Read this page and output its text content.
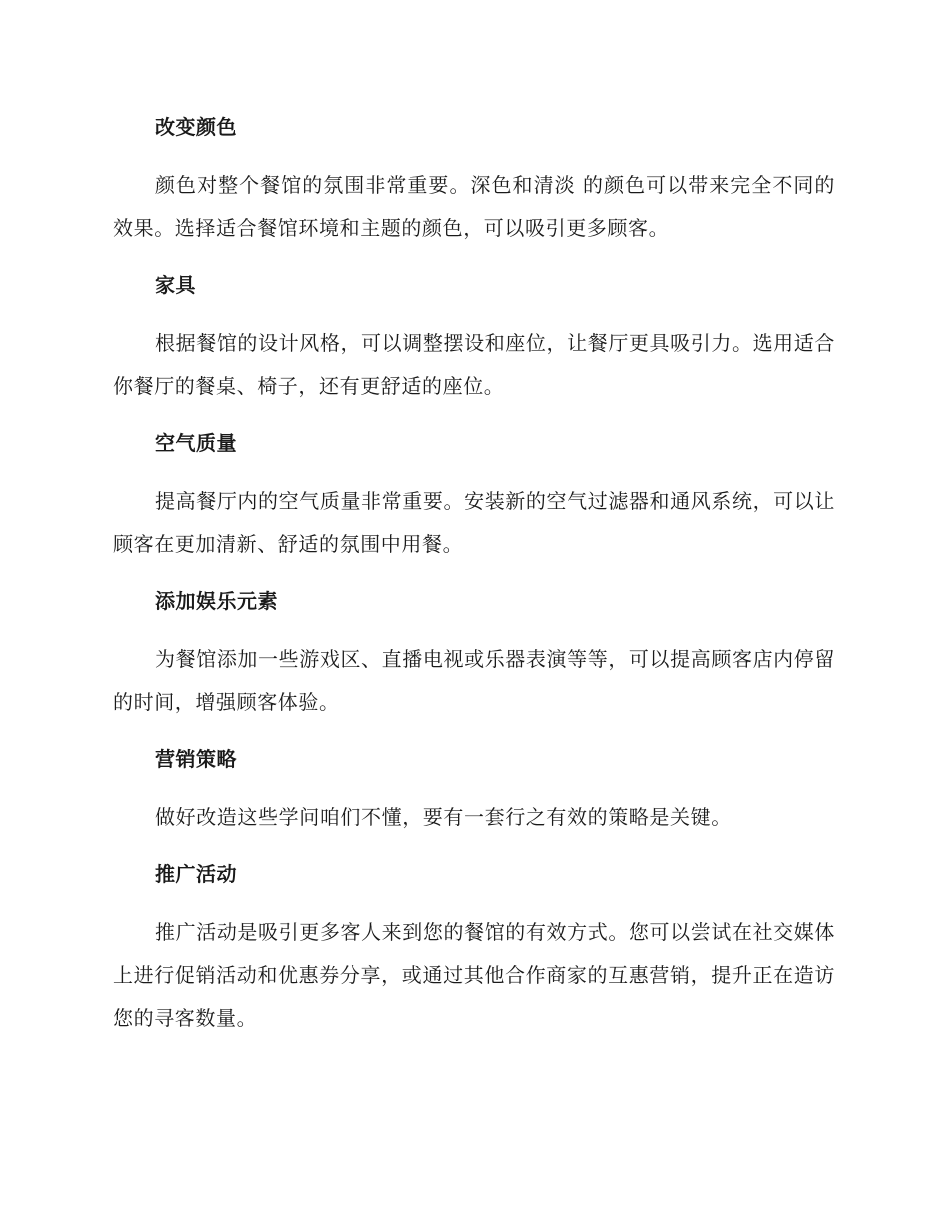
改变颜色

颜色对整个餐馆的氛围非常重要。深色和清淡 的颜色可以带来完全不同的效果。选择适合餐馆环境和主题的颜色，可以吸引更多顾客。

家具

根据餐馆的设计风格，可以调整摆设和座位，让餐厅更具吸引力。选用适合你餐厅的餐桌、椅子，还有更舒适的座位。

空气质量

提高餐厅内的空气质量非常重要。安装新的空气过滤器和通风系统，可以让顾客在更加清新、舒适的氛围中用餐。

添加娱乐元素

为餐馆添加一些游戏区、直播电视或乐器表演等等，可以提高顾客店内停留的时间，增强顾客体验。

营销策略

做好改造这些学问咱们不懂，要有一套行之有效的策略是关键。

推广活动

推广活动是吸引更多客人来到您的餐馆的有效方式。您可以尝试在社交媒体上进行促销活动和优惠券分享，或通过其他合作商家的互惠营销，提升正在造访您的寻客数量。
